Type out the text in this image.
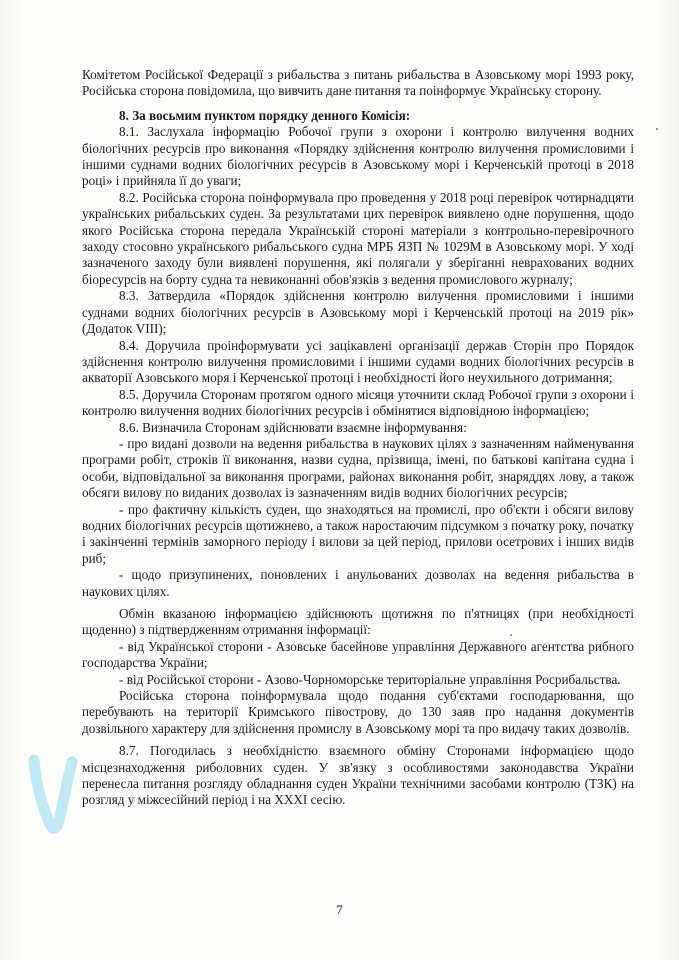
Комітетом Російської Федерації з рибальства з питань рибальства в Азовському морі 1993 року, Російська сторона повідомила, що вивчить дане питання та поінформує Українську сторону.

8. За восьмим пунктом порядку денного Комісія:

8.1. Заслухала інформацію Робочої групи з охорони і контролю вилучення водних біологічних ресурсів про виконання «Порядку здійснення контролю вилучення промисловими і іншими суднами водних біологічних ресурсів в Азовському морі і Керченській протоці в 2018 році» і прийняла її до уваги;

8.2. Російська сторона поінформувала про проведення у 2018 році перевірок чотирнадцяти українських рибальських суден. За результатами цих перевірок виявлено одне порушення, щодо якого Російська сторона передала Українській стороні матеріали з контрольно-перевірочного заходу стосовно українського рибальського судна МРБ ЯЗП № 1029М в Азовському морі. У ході зазначеного заходу були виявлені порушення, які полягали у зберіганні неврахованих водних біоресурсів на борту судна та невиконанні обов'язків з ведення промислового журналу;

8.3. Затвердила «Порядок здійснення контролю вилучення промисловими і іншими суднами водних біологічних ресурсів в Азовському морі і Керченській протоці на 2019 рік» (Додаток VIII);

8.4. Доручила проінформувати усі зацікавлені організації держав Сторін про Порядок здійснення контролю вилучення промисловими і іншими судами водних біологічних ресурсів в акваторії Азовського моря і Керченської протоці і необхідності його неухильного дотримання;

8.5. Доручила Сторонам протягом одного місяця уточнити склад Робочої групи з охорони і контролю вилучення водних біологічних ресурсів і обмінятися відповідною інформацією;

8.6. Визначила Сторонам здійснювати взаємне інформування:

- про видані дозволи на ведення рибальства в наукових цілях з зазначенням найменування програми робіт, строків її виконання, назви судна, прізвища, імені, по батькові капітана судна і особи, відповідальної за виконання програми, районах виконання робіт, знаряддях лову, а також обсяги вилову по виданих дозволах із зазначенням видів водних біологічних ресурсів;

- про фактичну кількість суден, що знаходяться на промислі, про об'єкти і обсяги вилову водних біологічних ресурсів щотижнево, а також наростаючим підсумком з початку року, початку і закінченні термінів заморного періоду і вилови за цей період, прилови осетрових і інших видів риб;

- щодо призупинених, поновлених і анульованих дозволах на ведення рибальства в наукових цілях.

Обмін вказаною інформацією здійснюють щотижня по п'ятницях (при необхідності щоденно) з підтвердженням отримання інформації:

- від Української сторони - Азовське басейнове управління Державного агентства рибного господарства України;

- від Російської сторони - Азово-Чорноморське територіальне управління Росрибальства.

Російська сторона поінформувала щодо подання суб'єктами господарювання, що перебувають на території Кримського півострову, до 130 заяв про надання документів дозвільного характеру для здійснення промислу в Азовському морі та про видачу таких дозволів.

8.7. Погодилась з необхідністю взаємного обміну Сторонами інформацією щодо місцезнаходження риболовних суден. У зв'язку з особливостями законодавства України перенесла питання розгляду обладнання суден України технічними засобами контролю (ТЗК) на розгляд у міжсесійний період і на XXXI сесію.

7
